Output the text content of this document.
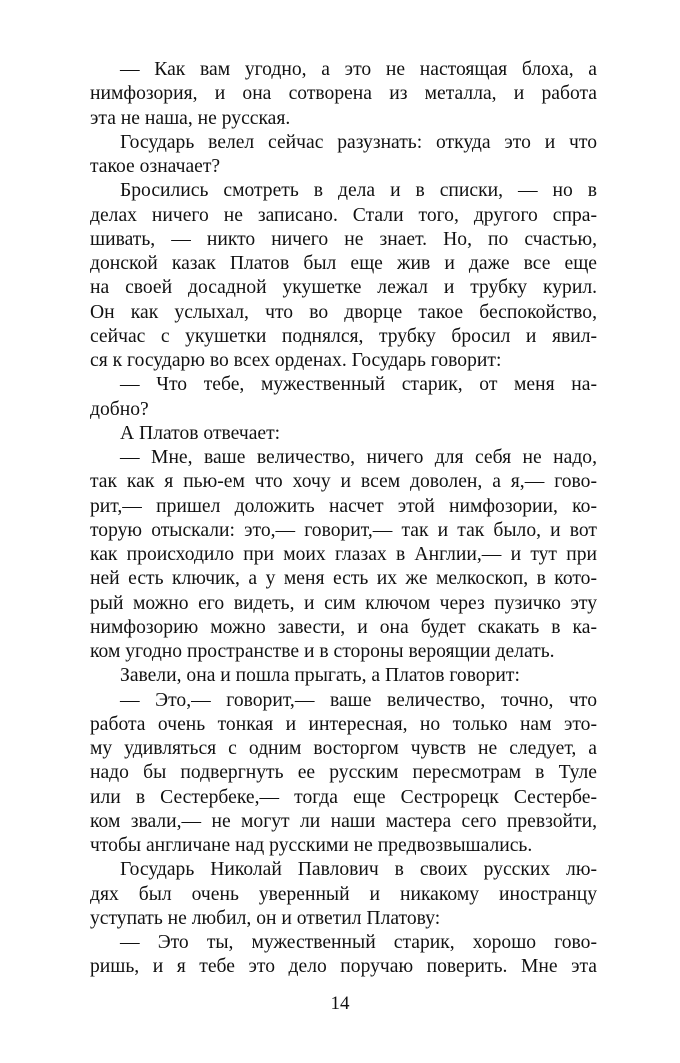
— Как вам угодно, а это не настоящая блоха, а
нимфозория, и она сотворена из металла, и работа
эта не наша, не русская.
Государь велел сейчас разузнать: откуда это и что
такое означает?
Бросились смотреть в дела и в списки, — но в
делах ничего не записано. Стали того, другого спра-
шивать, — никто ничего не знает. Но, по счастью,
донской казак Платов был еще жив и даже все еще
на своей досадной укушетке лежал и трубку курил.
Он как услыхал, что во дворце такое беспокойство,
сейчас с укушетки поднялся, трубку бросил и явил-
ся к государю во всех орденах. Государь говорит:
— Что тебе, мужественный старик, от меня на-
добно?
А Платов отвечает:
— Мне, ваше величество, ничего для себя не надо,
так как я пью-ем что хочу и всем доволен, а я,— гово-
рит,— пришел доложить насчет этой нимфозории, ко-
торую отыскали: это,— говорит,— так и так было, и вот
как происходило при моих глазах в Англии,— и тут при
ней есть ключик, а у меня есть их же мелкоскоп, в кото-
рый можно его видеть, и сим ключом через пузичко эту
нимфозорию можно завести, и она будет скакать в ка-
ком угодно пространстве и в стороны вероящии делать.
Завели, она и пошла прыгать, а Платов говорит:
— Это,— говорит,— ваше величество, точно, что
работа очень тонкая и интересная, но только нам это-
му удивляться с одним восторгом чувств не следует, а
надо бы подвергнуть ее русским пересмотрам в Туле
или в Сестербеке,— тогда еще Сестрорецк Сестербе-
ком звали,— не могут ли наши мастера сего превзойти,
чтобы англичане над русскими не предвозвышались.
Государь Николай Павлович в своих русских лю-
дях был очень уверенный и никакому иностранцу
уступать не любил, он и ответил Платову:
— Это ты, мужественный старик, хорошо гово-
ришь, и я тебе это дело поручаю поверить. Мне эта
14
